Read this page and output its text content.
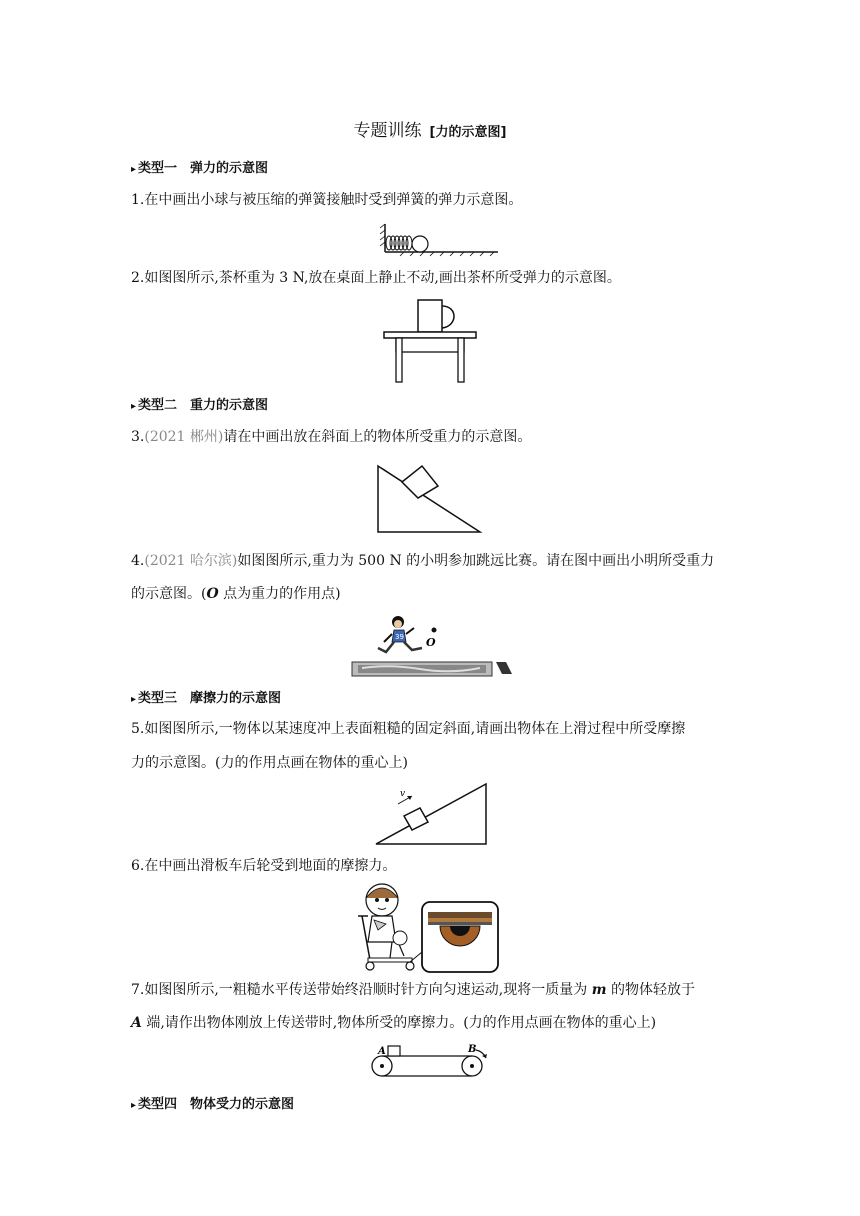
专题训练 [力的示意图]
▸ 类型一　弹力的示意图
1.在中画出小球与被压缩的弹簧接触时受到弹簧的弹力示意图。
2.如图图所示,茶杯重为 3 N,放在桌面上静止不动,画出茶杯所受弹力的示意图。
▸ 类型二　重力的示意图
3.(2021 郴州)请在中画出放在斜面上的物体所受重力的示意图。
4.(2021 哈尔滨)如图图所示,重力为 500 N 的小明参加跳远比赛。请在图中画出小明所受重力
的示意图。(O 点为重力的作用点)
39 O
▸ 类型三　摩擦力的示意图
5.如图图所示,一物体以某速度冲上表面粗糙的固定斜面,请画出物体在上滑过程中所受摩擦
力的示意图。(力的作用点画在物体的重心上)
v
6.在中画出滑板车后轮受到地面的摩擦力。
7.如图图所示,一粗糙水平传送带始终沿顺时针方向匀速运动,现将一质量为 m 的物体轻放于
A 端,请作出物体刚放上传送带时,物体所受的摩擦力。(力的作用点画在物体的重心上)
A	B
▸ 类型四　物体受力的示意图
